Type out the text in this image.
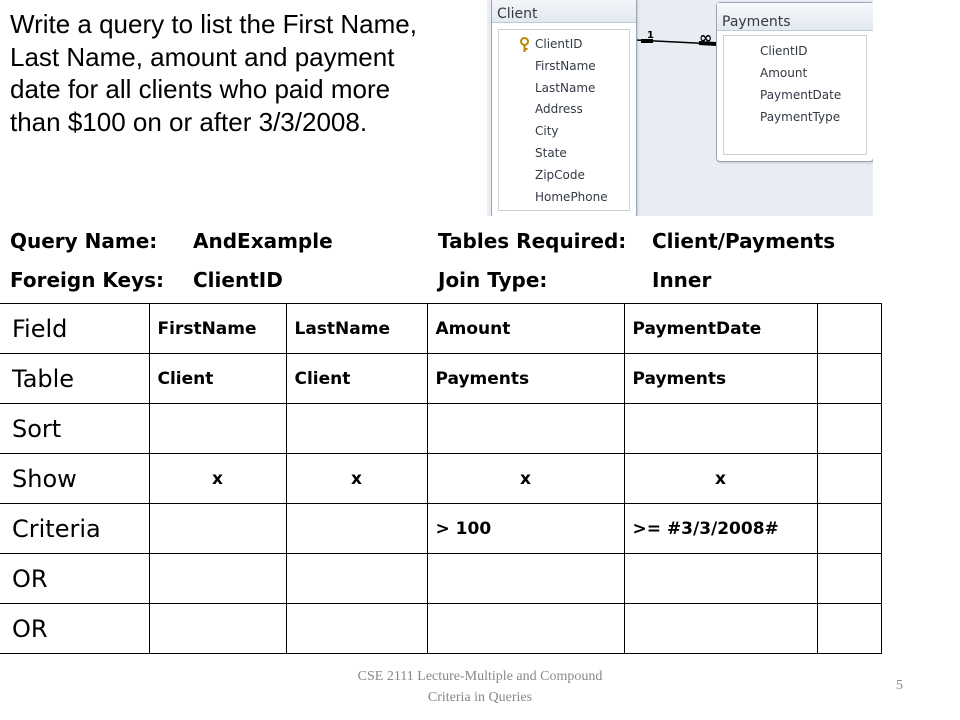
Write a query to list the First Name, Last Name, amount and payment date for all clients who paid more than $100 on or after 3/3/2008.

1	∞
Client
ClientID
FirstName
LastName
Address
City
State
ZipCode
HomePhone
Payments
ClientID
Amount
PaymentDate
PaymentType
Query Name: AndExample	Tables Required: Client/Payments
Foreign Keys: ClientID	Join Type:	Inner
Field	FirstName	LastName	Amount	PaymentDate	
Table	Client	Client	Payments	Payments	
Sort					
Show	x	x	x	x	
Criteria			> 100	>= #3/3/2008#	
OR					
OR					
CSE 2111 Lecture-Multiple and Compound
Criteria in Queries
5
